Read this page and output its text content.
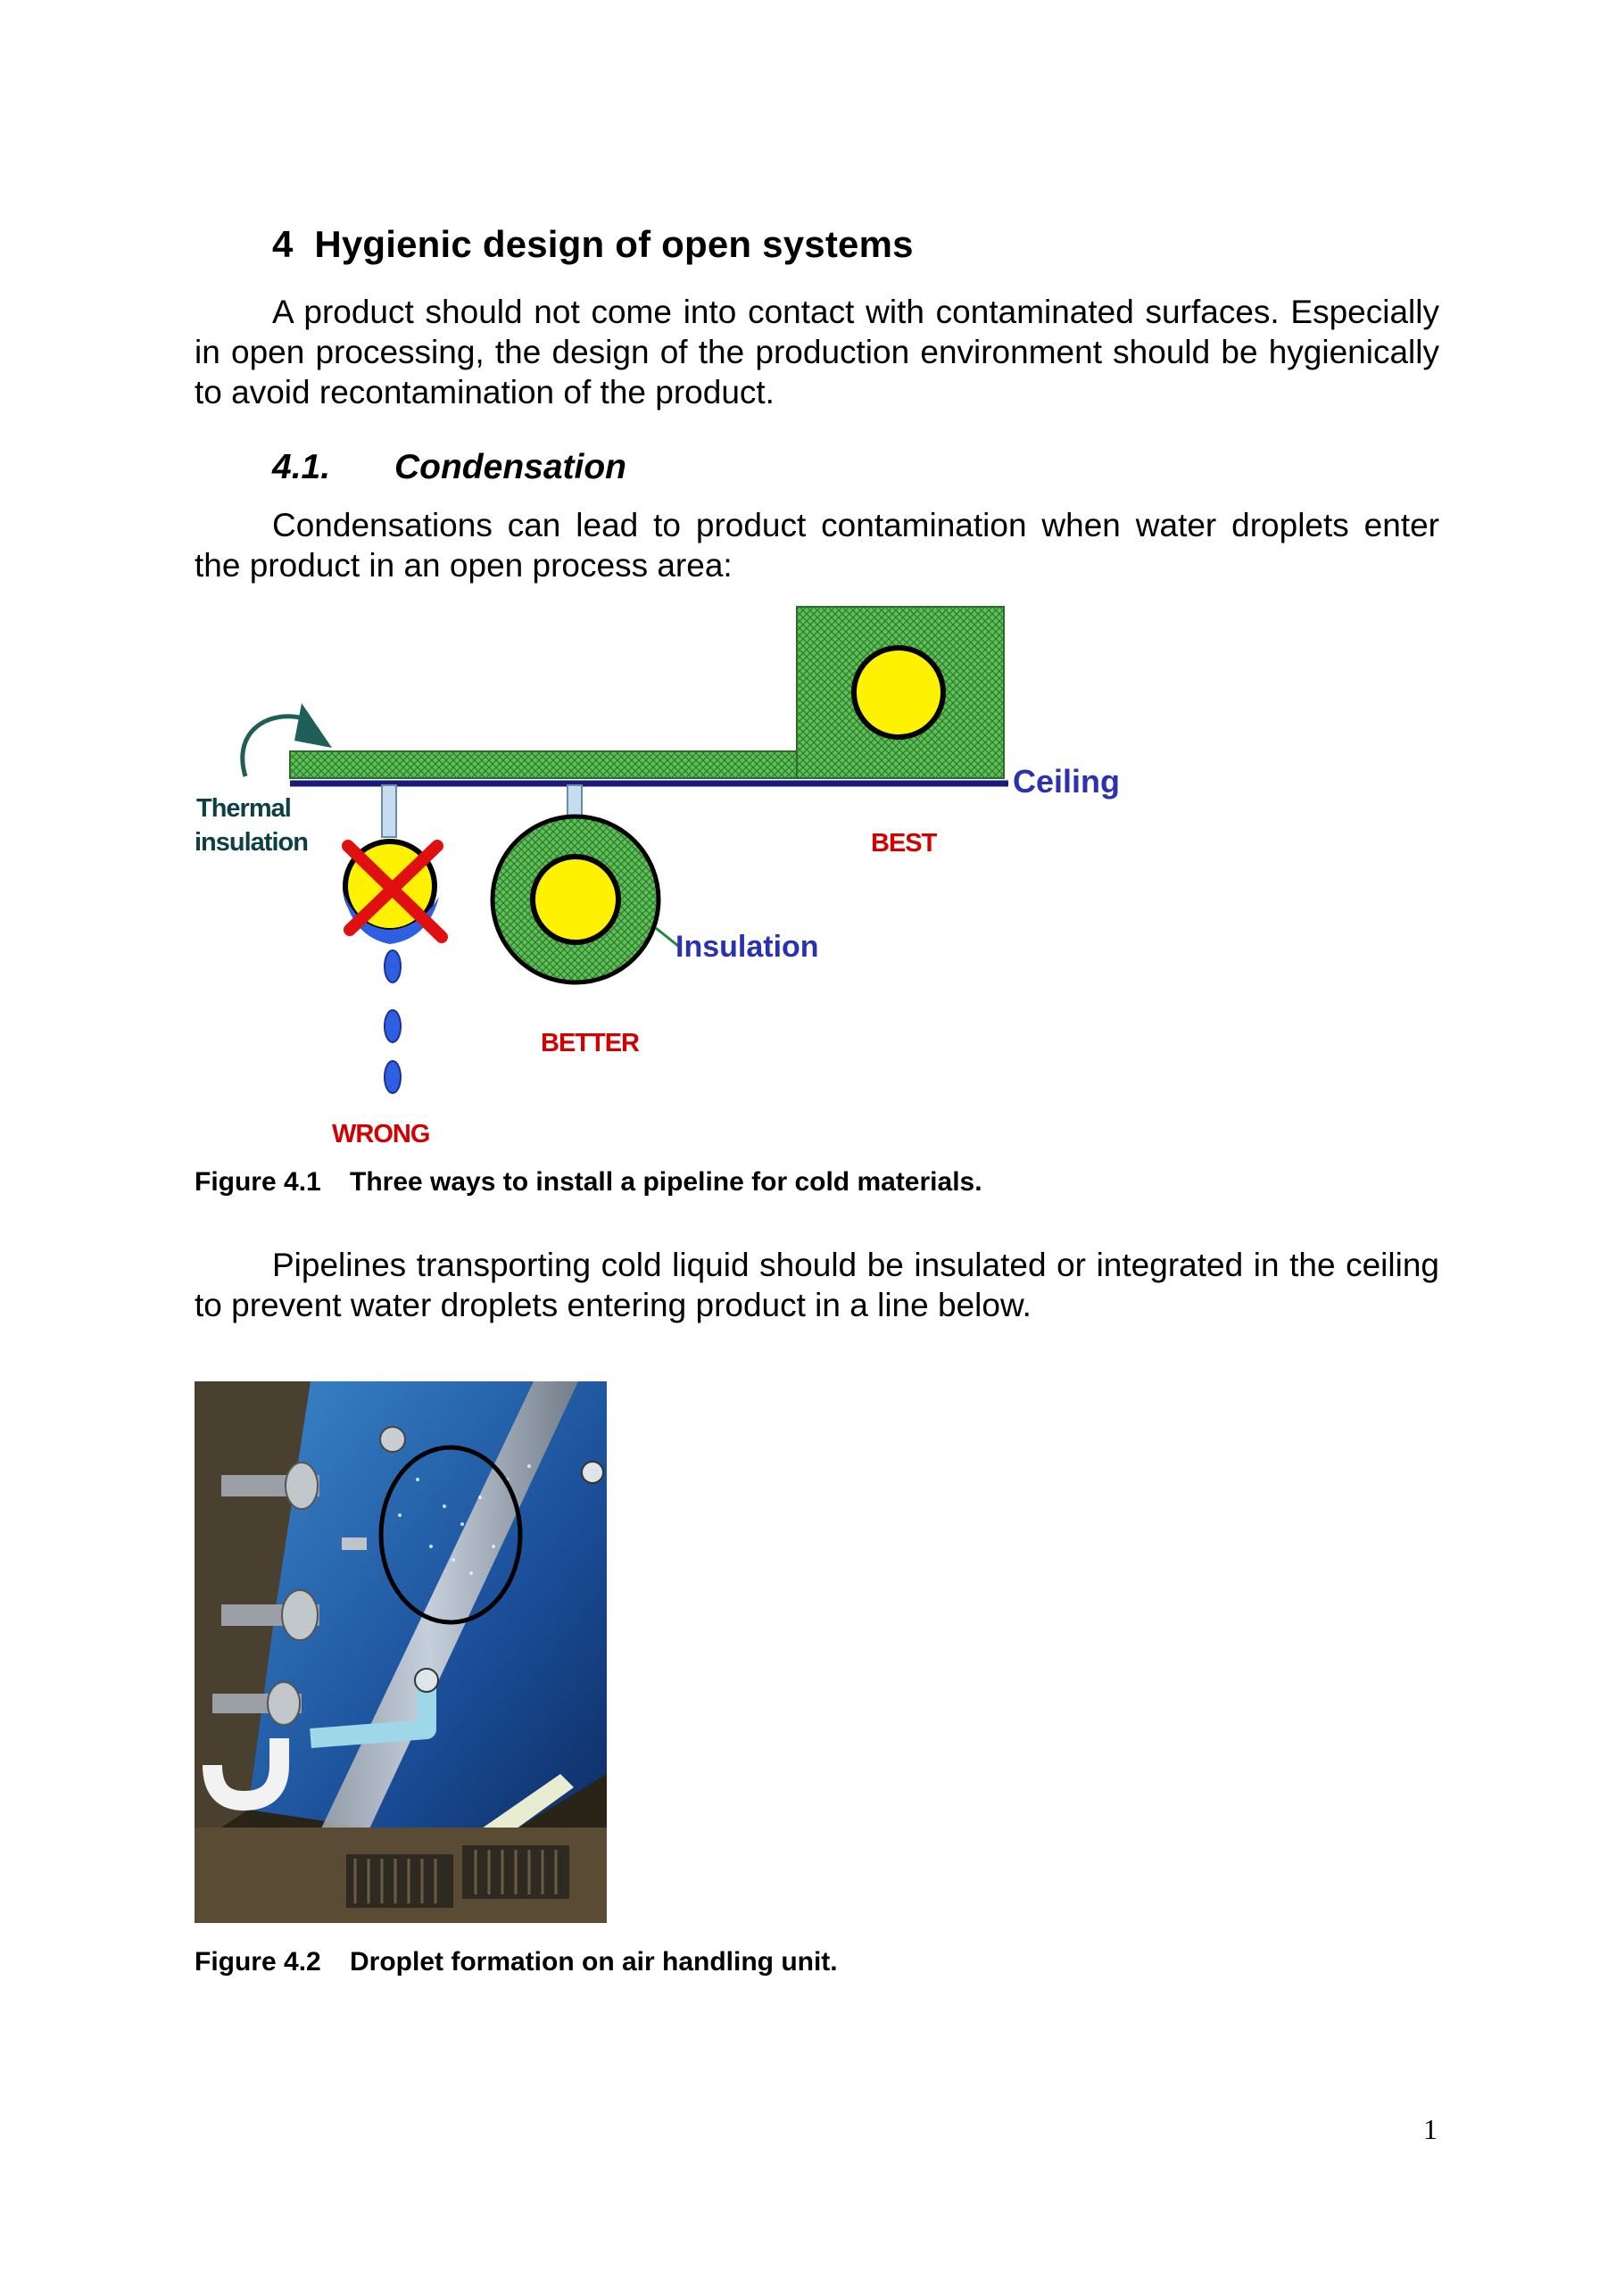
4 Hygienic design of open systems
A product should not come into contact with contaminated surfaces. Especially in open processing, the design of the production environment should be hygienically to avoid recontamination of the product.
4.1. Condensation
Condensations can lead to product contamination when water droplets enter the product in an open process area:
Thermal
insulation
Ceiling
BEST
Insulation
BETTER
WRONG
Figure 4.1 Three ways to install a pipeline for cold materials.
Pipelines transporting cold liquid should be insulated or integrated in the ceiling to prevent water droplets entering product in a line below.
Figure 4.2 Droplet formation on air handling unit.
1
